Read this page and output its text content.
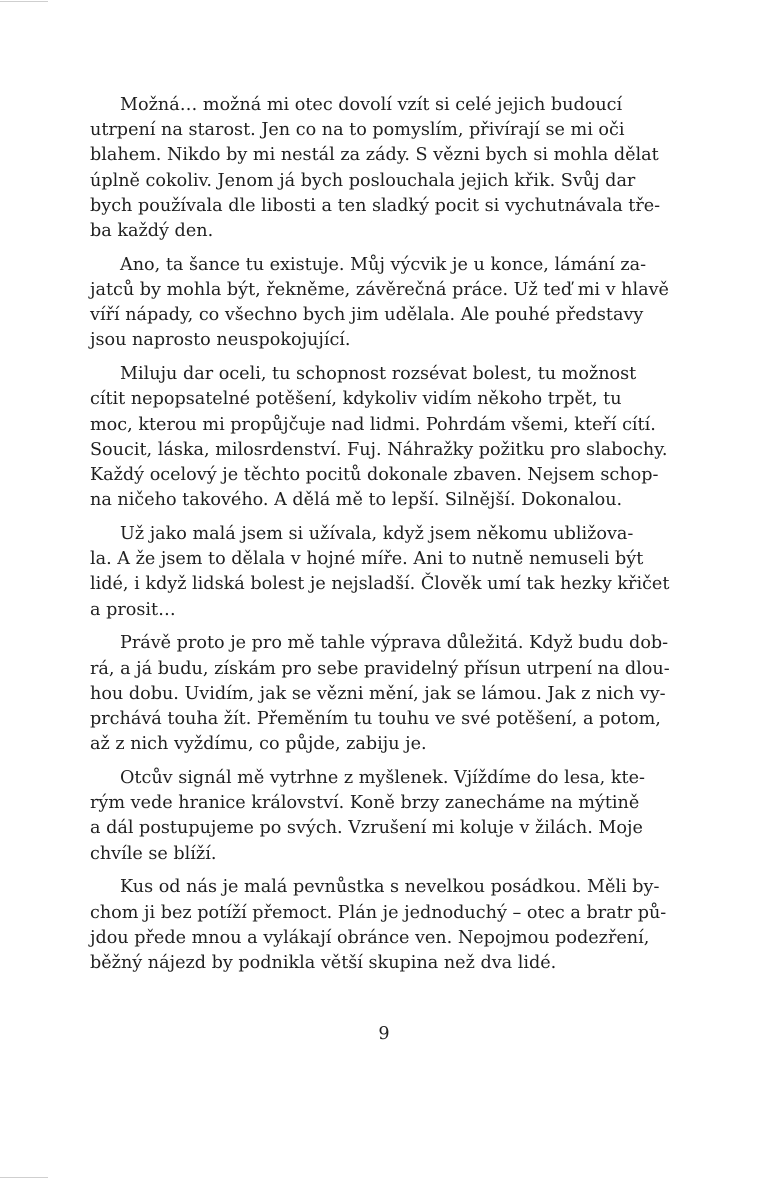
Možná… možná mi otec dovolí vzít si celé jejich budoucí
utrpení na starost. Jen co na to pomyslím, přivírají se mi oči
blahem. Nikdo by mi nestál za zády. S vězni bych si mohla dělat
úplně cokoliv. Jenom já bych poslouchala jejich křik. Svůj dar
bych používala dle libosti a ten sladký pocit si vychutnávala tře-
ba každý den.

Ano, ta šance tu existuje. Můj výcvik je u konce, lámání za-
jatců by mohla být, řekněme, závěrečná práce. Už teď mi v hlavě
víří nápady, co všechno bych jim udělala. Ale pouhé představy
jsou naprosto neuspokojující.

Miluju dar oceli, tu schopnost rozsévat bolest, tu možnost
cítit nepopsatelné potěšení, kdykoliv vidím někoho trpět, tu
moc, kterou mi propůjčuje nad lidmi. Pohrdám všemi, kteří cítí.
Soucit, láska, milosrdenství. Fuj. Náhražky požitku pro slabochy.
Každý ocelový je těchto pocitů dokonale zbaven. Nejsem schop-
na ničeho takového. A dělá mě to lepší. Silnější. Dokonalou.

Už jako malá jsem si užívala, když jsem někomu ubližova-
la. A že jsem to dělala v hojné míře. Ani to nutně nemuseli být
lidé, i když lidská bolest je nejsladší. Člověk umí tak hezky křičet
a prosit…

Právě proto je pro mě tahle výprava důležitá. Když budu dob-
rá, a já budu, získám pro sebe pravidelný přísun utrpení na dlou-
hou dobu. Uvidím, jak se vězni mění, jak se lámou. Jak z nich vy-
prchává touha žít. Přeměním tu touhu ve své potěšení, a potom,
až z nich vyždímu, co půjde, zabiju je.

Otcův signál mě vytrhne z myšlenek. Vjíždíme do lesa, kte-
rým vede hranice království. Koně brzy zanecháme na mýtině
a dál postupujeme po svých. Vzrušení mi koluje v žilách. Moje
chvíle se blíží.

Kus od nás je malá pevnůstka s nevelkou posádkou. Měli by-
chom ji bez potíží přemoct. Plán je jednoduchý – otec a bratr pů-
jdou přede mnou a vylákají obránce ven. Nepojmou podezření,
běžný nájezd by podnikla větší skupina než dva lidé.

9
